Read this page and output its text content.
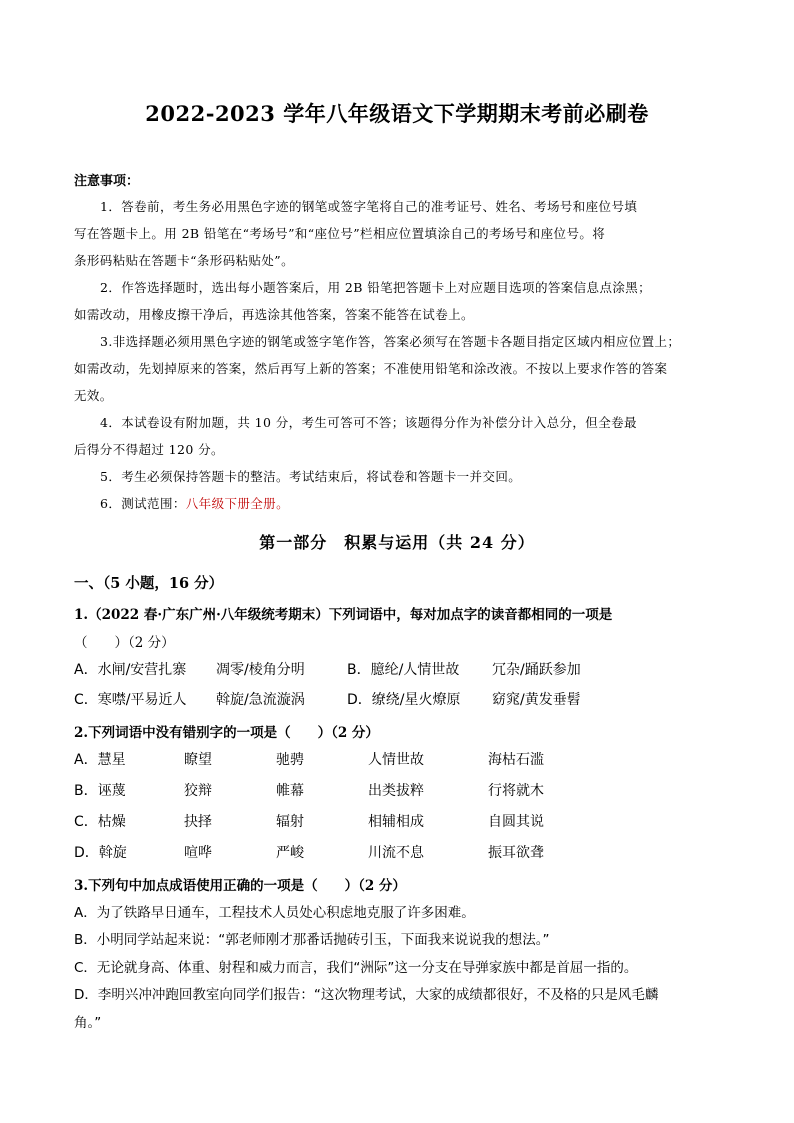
2022-2023 学年八年级语文下学期期末考前必刷卷
注意事项：
1．答卷前，考生务必用黑色字迹的钢笔或签字笔将自己的准考证号、姓名、考场号和座位号填
写在答题卡上。用 2B 铅笔在“考场号”和“座位号”栏相应位置填涂自己的考场号和座位号。将
条形码粘贴在答题卡“条形码粘贴处”。
2．作答选择题时，选出每小题答案后，用 2B 铅笔把答题卡上对应题目选项的答案信息点涂黑；
如需改动，用橡皮擦干净后，再选涂其他答案，答案不能答在试卷上。
3.非选择题必须用黑色字迹的钢笔或签字笔作答，答案必须写在答题卡各题目指定区域内相应位置上；
如需改动，先划掉原来的答案，然后再写上新的答案；不准使用铅笔和涂改液。不按以上要求作答的答案
无效。
4．本试卷设有附加题，共 10 分，考生可答可不答；该题得分作为补偿分计入总分，但全卷最
后得分不得超过 120 分。
5．考生必须保持答题卡的整洁。考试结束后，将试卷和答题卡一并交回。
6．测试范围：八年级下册全册。
第一部分　积累与运用（共 24 分）
一、（5 小题，16 分）
1.（2022 春·广东广州·八年级统考期末）下列词语中，每对加点字的读音都相同的一项是
（　　）（2 分）
A．水闸/安营扎寨 凋零/棱角分明	B．臆纶/人情世故 冗杂/踊跃参加
C．寒噤/平易近人 斡旋/急流漩涡	D．缭绕/星火燎原 窈窕/黄发垂髫
2.下列词语中没有错别字的一项是（　　）（2 分）
A．慧星	瞭望	驰骋	人情世故	海枯石滥
B．诬蔑	狡辩	帷幕	出类拔粹	行将就木
C．枯燥	抉择	辐射	相辅相成	自圆其说
D．斡旋	喧哗	严峻	川流不息	振耳欲聋
3.下列句中加点成语使用正确的一项是（　　）（2 分）
A．为了铁路早日通车，工程技术人员处心积虑地克服了许多困难。
B．小明同学站起来说：“郭老师刚才那番话抛砖引玉，下面我来说说我的想法。”
C．无论就身高、体重、射程和威力而言，我们“洲际”这一分支在导弹家族中都是首屈一指的。
D．李明兴冲冲跑回教室向同学们报告：“这次物理考试，大家的成绩都很好，不及格的只是风毛麟
角。”
